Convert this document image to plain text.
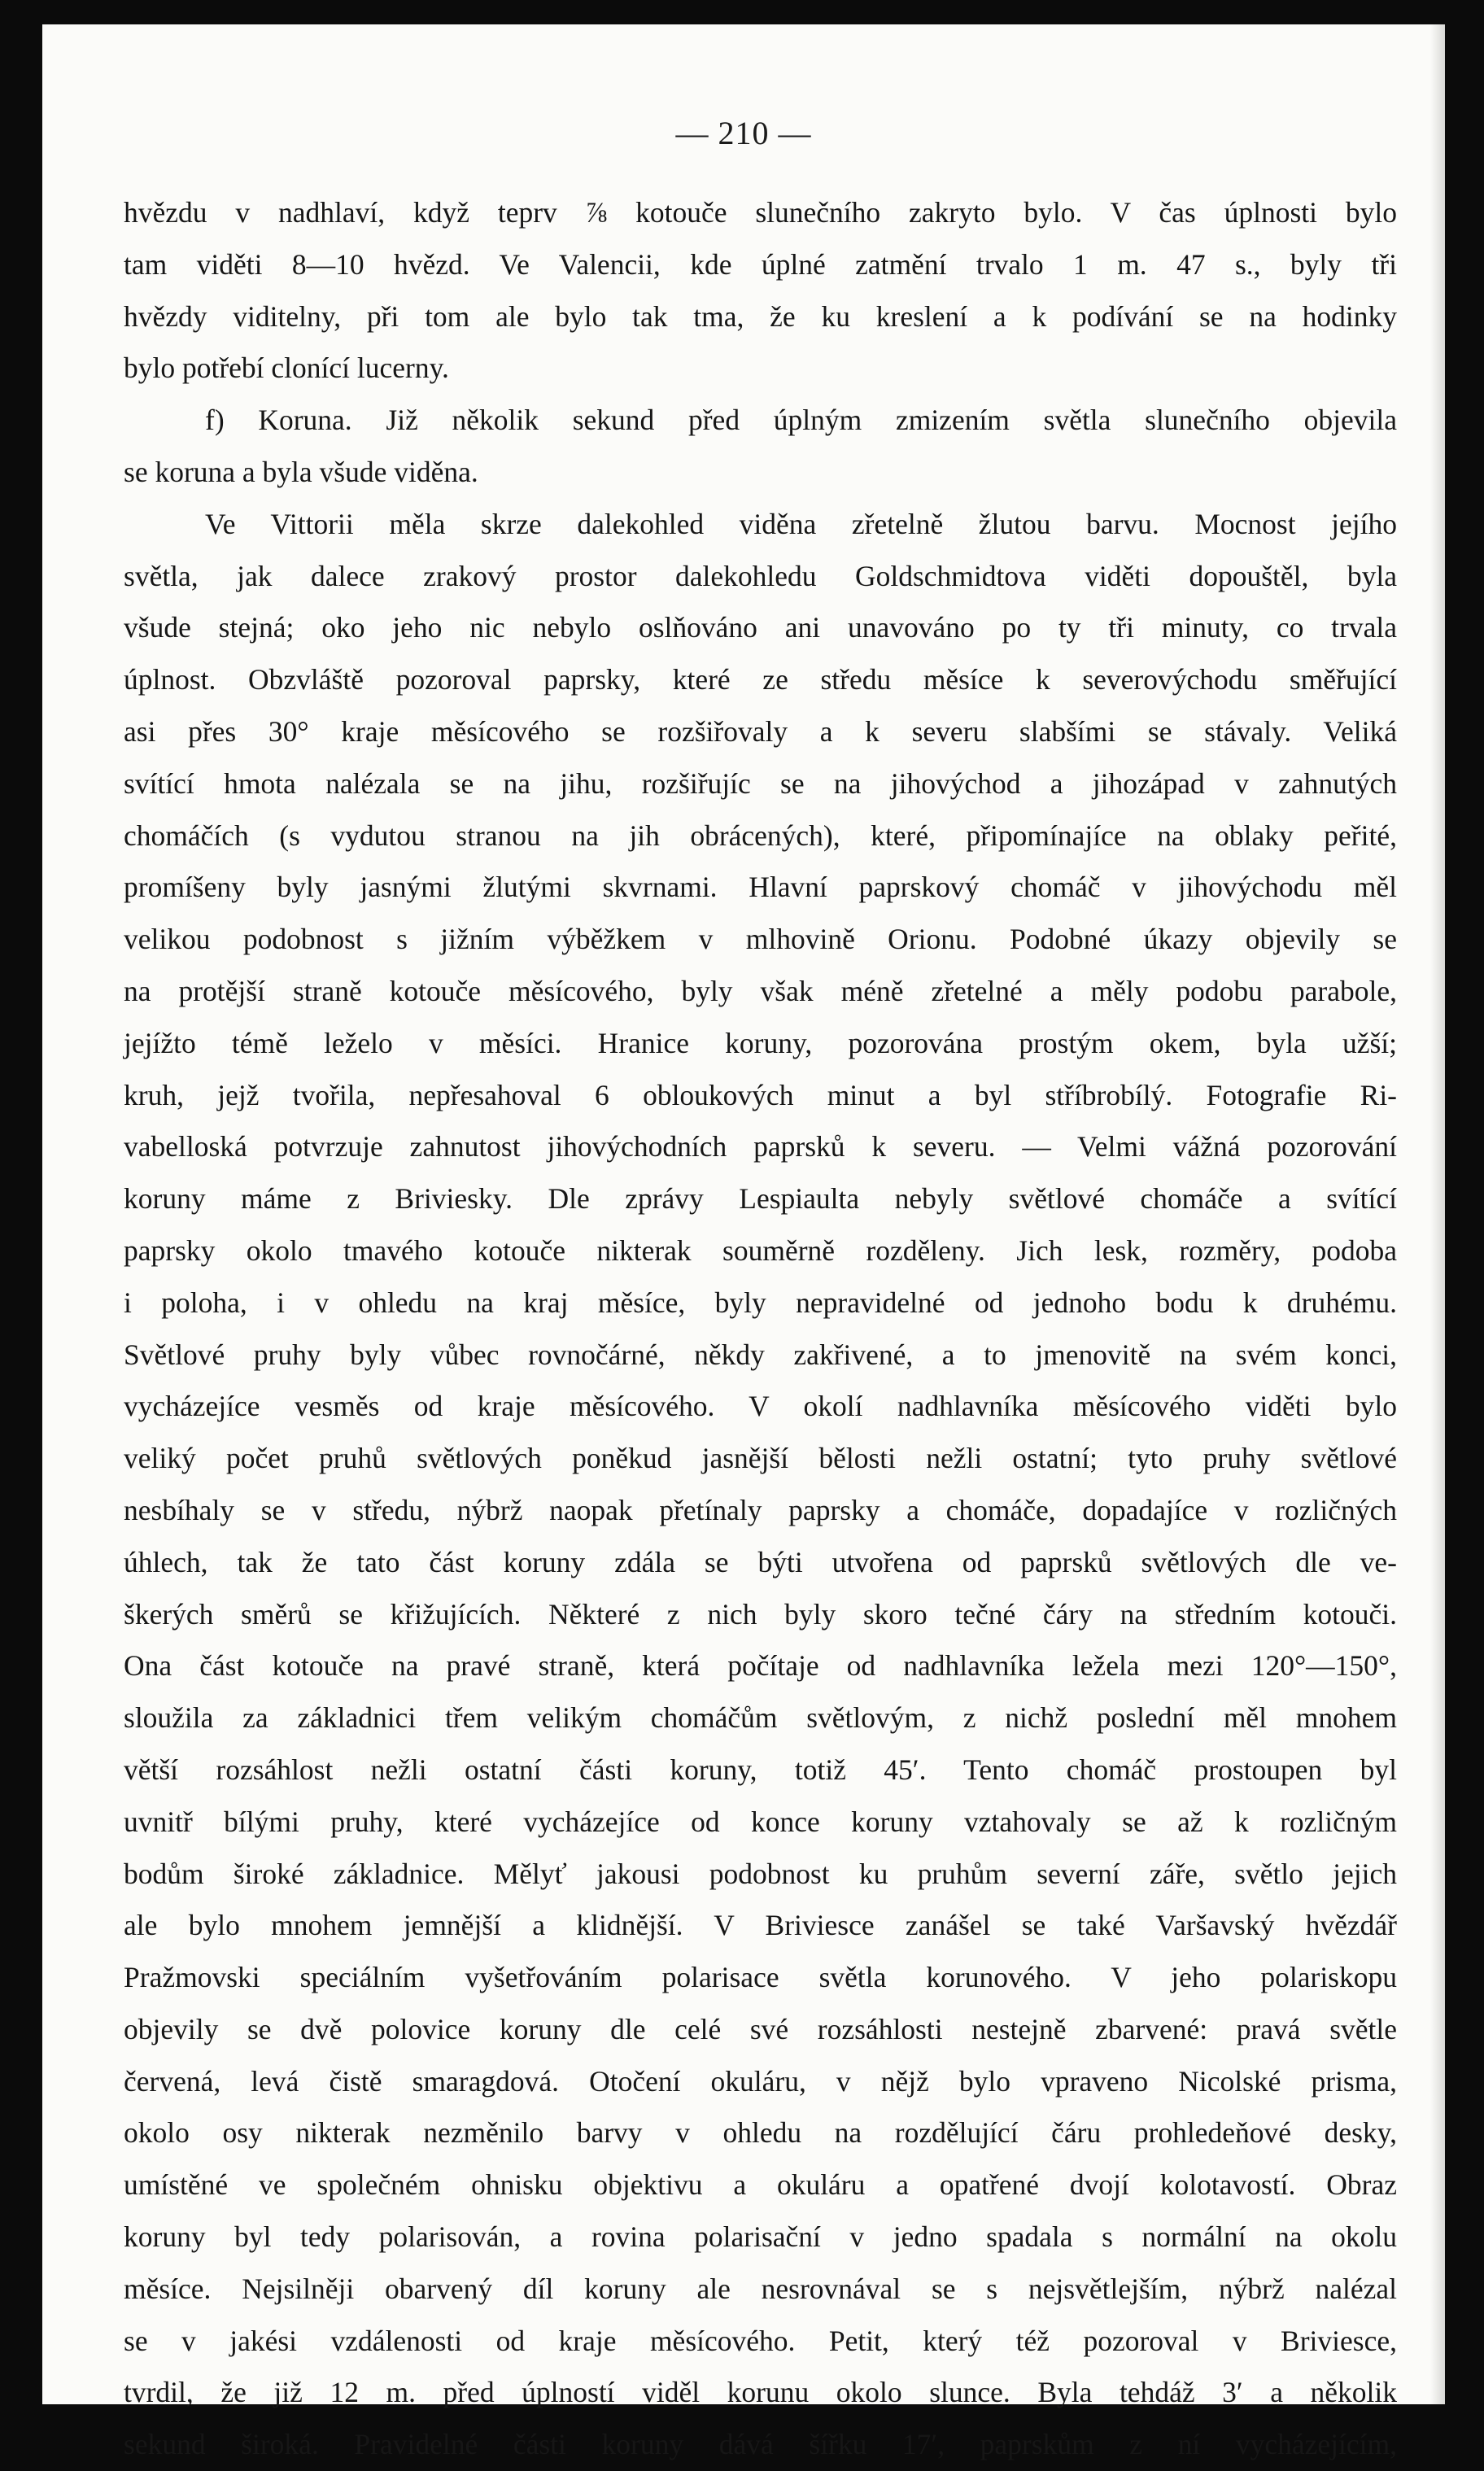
— 210 —
hvězdu v nadhlaví, když teprv ⅞ kotouče slunečního zakryto bylo. V čas úplnosti bylo
tam viděti 8—10 hvězd. Ve Valencii, kde úplné zatmění trvalo 1 m. 47 s., byly tři
hvězdy viditelny, při tom ale bylo tak tma, že ku kreslení a k podívání se na hodinky
bylo potřebí clonící lucerny.
f) Koruna. Již několik sekund před úplným zmizením světla slunečního objevila
se koruna a byla všude viděna.
Ve Vittorii měla skrze dalekohled viděna zřetelně žlutou barvu. Mocnost jejího
světla, jak dalece zrakový prostor dalekohledu Goldschmidtova viděti dopouštěl, byla
všude stejná; oko jeho nic nebylo oslňováno ani unavováno po ty tři minuty, co trvala
úplnost. Obzvláště pozoroval paprsky, které ze středu měsíce k severovýchodu směřující
asi přes 30° kraje měsícového se rozšiřovaly a k severu slabšími se stávaly. Veliká
svítící hmota nalézala se na jihu, rozšiřujíc se na jihovýchod a jihozápad v zahnutých
chomáčích (s vydutou stranou na jih obrácených), které, připomínajíce na oblaky peřité,
promíšeny byly jasnými žlutými skvrnami. Hlavní paprskový chomáč v jihovýchodu měl
velikou podobnost s jižním výběžkem v mlhovině Orionu. Podobné úkazy objevily se
na protější straně kotouče měsícového, byly však méně zřetelné a měly podobu parabole,
jejížto témě leželo v měsíci. Hranice koruny, pozorována prostým okem, byla užší;
kruh, jejž tvořila, nepřesahoval 6 obloukových minut a byl stříbrobílý. Fotografie Ri-
vabelloská potvrzuje zahnutost jihovýchodních paprsků k severu. — Velmi vážná pozorování
koruny máme z Briviesky. Dle zprávy Lespiaulta nebyly světlové chomáče a svítící
paprsky okolo tmavého kotouče nikterak souměrně rozděleny. Jich lesk, rozměry, podoba
i poloha, i v ohledu na kraj měsíce, byly nepravidelné od jednoho bodu k druhému.
Světlové pruhy byly vůbec rovnočárné, někdy zakřivené, a to jmenovitě na svém konci,
vycházejíce vesměs od kraje měsícového. V okolí nadhlavníka měsícového viděti bylo
veliký počet pruhů světlových poněkud jasnější bělosti nežli ostatní; tyto pruhy světlové
nesbíhaly se v středu, nýbrž naopak přetínaly paprsky a chomáče, dopadajíce v rozličných
úhlech, tak že tato část koruny zdála se býti utvořena od paprsků světlových dle ve-
škerých směrů se křižujících. Některé z nich byly skoro tečné čáry na středním kotouči.
Ona část kotouče na pravé straně, která počítaje od nadhlavníka ležela mezi 120°—150°,
sloužila za základnici třem velikým chomáčům světlovým, z nichž poslední měl mnohem
větší rozsáhlost nežli ostatní části koruny, totiž 45′. Tento chomáč prostoupen byl
uvnitř bílými pruhy, které vycházejíce od konce koruny vztahovaly se až k rozličným
bodům široké základnice. Mělyť jakousi podobnost ku pruhům severní záře, světlo jejich
ale bylo mnohem jemnější a klidnější. V Briviesce zanášel se také Varšavský hvězdář
Pražmovski speciálním vyšetřováním polarisace světla korunového. V jeho polariskopu
objevily se dvě polovice koruny dle celé své rozsáhlosti nestejně zbarvené: pravá světle
červená, levá čistě smaragdová. Otočení okuláru, v nějž bylo vpraveno Nicolské prisma,
okolo osy nikterak nezměnilo barvy v ohledu na rozdělující čáru prohledeňové desky,
umístěné ve společném ohnisku objektivu a okuláru a opatřené dvojí kolotavostí. Obraz
koruny byl tedy polarisován, a rovina polarisační v jedno spadala s normální na okolu
měsíce. Nejsilněji obarvený díl koruny ale nesrovnával se s nejsvětlejším, nýbrž nalézal
se v jakési vzdálenosti od kraje měsícového. Petit, který též pozoroval v Briviesce,
tvrdil, že již 12 m. před úplností viděl korunu okolo slunce. Byla tehdáž 3′ a několik
sekund široká. Pravidelné části koruny dává šířku 17′, paprskům z ní vycházejícím,
